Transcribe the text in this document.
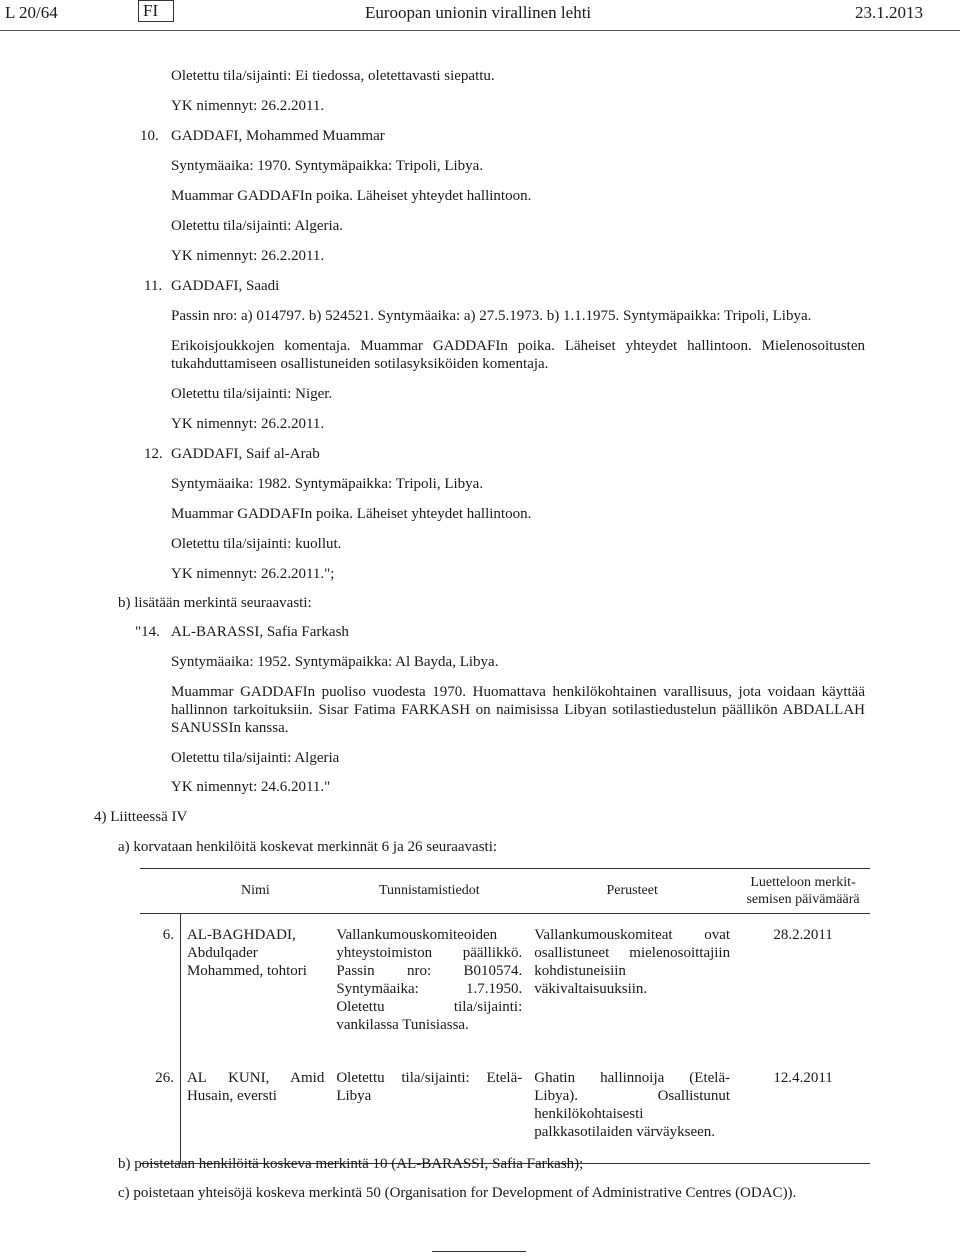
L 20/64	FI	Euroopan unionin virallinen lehti	23.1.2013
Oletettu tila/sijainti: Ei tiedossa, oletettavasti siepattu.
YK nimennyt: 26.2.2011.
10. GADDAFI, Mohammed Muammar
Syntymäaika: 1970. Syntymäpaikka: Tripoli, Libya.
Muammar GADDAFIn poika. Läheiset yhteydet hallintoon.
Oletettu tila/sijainti: Algeria.
YK nimennyt: 26.2.2011.
11. GADDAFI, Saadi
Passin nro: a) 014797. b) 524521. Syntymäaika: a) 27.5.1973. b) 1.1.1975. Syntymäpaikka: Tripoli, Libya.
Erikoisjoukkojen komentaja. Muammar GADDAFIn poika. Läheiset yhteydet hallintoon. Mielenosoitusten tukahduttamiseen osallistuneiden sotilasyksiköiden komentaja.
Oletettu tila/sijainti: Niger.
YK nimennyt: 26.2.2011.
12. GADDAFI, Saif al-Arab
Syntymäaika: 1982. Syntymäpaikka: Tripoli, Libya.
Muammar GADDAFIn poika. Läheiset yhteydet hallintoon.
Oletettu tila/sijainti: kuollut.
YK nimennyt: 26.2.2011.";
b) lisätään merkintä seuraavasti:
"14. AL-BARASSI, Safia Farkash
Syntymäaika: 1952. Syntymäpaikka: Al Bayda, Libya.
Muammar GADDAFIn puoliso vuodesta 1970. Huomattava henkilökohtainen varallisuus, jota voidaan käyttää hallinnon tarkoituksiin. Sisar Fatima FARKASH on naimisissa Libyan sotilastiedustelun päällikön ABDALLAH SANUSSIn kanssa.
Oletettu tila/sijainti: Algeria
YK nimennyt: 24.6.2011."
4) Liitteessä IV
a) korvataan henkilöitä koskevat merkinnät 6 ja 26 seuraavasti:
	Nimi	Tunnistamistiedot	Perusteet	Luetteloon merkit-
semisen päivämäärä
6.	AL-BAGHDADI, Abdulqader Mohammed, tohtori	Vallankumouskomiteoiden yhteystoimiston päällikkö. Passin nro: B010574. Syntymäaika: 1.7.1950. Oletettu tila/sijainti: vankilassa Tunisiassa.	Vallankumouskomiteat ovat osallistuneet mielenosoittajiin kohdistuneisiin väkivaltaisuuksiin.	28.2.2011
26.	AL KUNI, Amid Husain, eversti	Oletettu tila/sijainti: Etelä-Libya	Ghatin hallinnoija (Etelä-Libya). Osallistunut henkilökohtaisesti palkkasotilaiden värväykseen.	12.4.2011
b) poistetaan henkilöitä koskeva merkintä 10 (AL-BARASSI, Safia Farkash);
c) poistetaan yhteisöjä koskeva merkintä 50 (Organisation for Development of Administrative Centres (ODAC)).
